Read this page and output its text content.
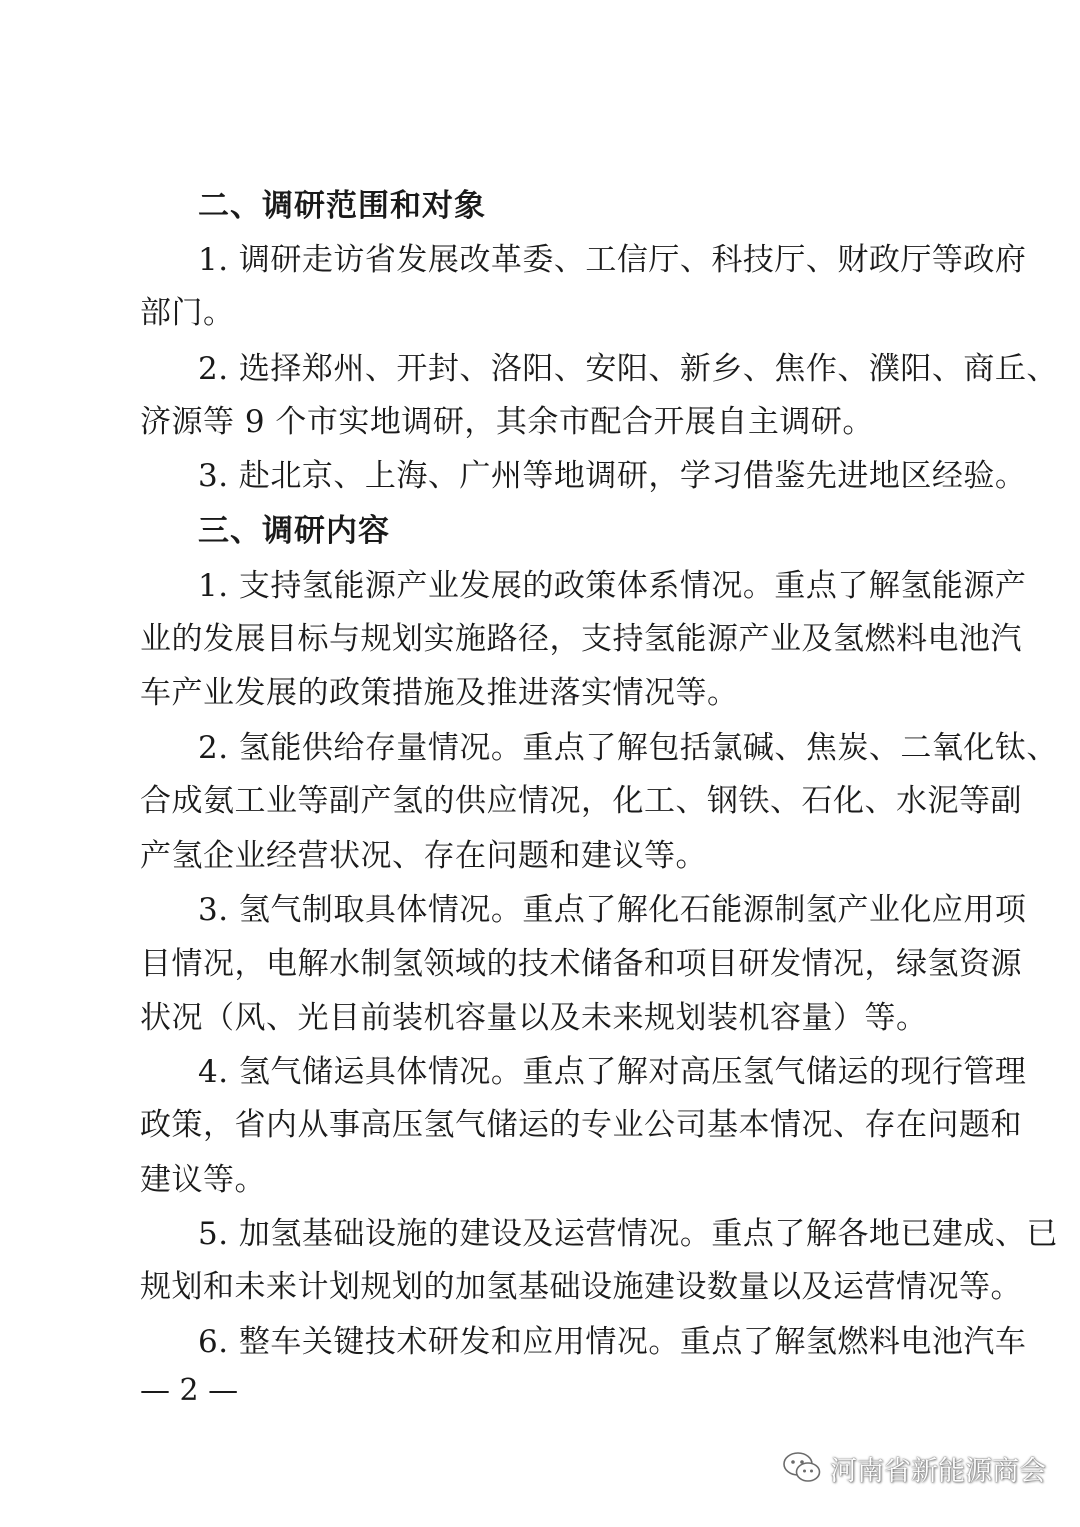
二、调研范围和对象
1. 调研走访省发展改革委、工信厅、科技厅、财政厅等政府
部门。
2. 选择郑州、开封、洛阳、安阳、新乡、焦作、濮阳、商丘、
济源等 9 个市实地调研，其余市配合开展自主调研。
3. 赴北京、上海、广州等地调研，学习借鉴先进地区经验。
三、调研内容
1. 支持氢能源产业发展的政策体系情况。重点了解氢能源产
业的发展目标与规划实施路径，支持氢能源产业及氢燃料电池汽
车产业发展的政策措施及推进落实情况等。
2. 氢能供给存量情况。重点了解包括氯碱、焦炭、二氧化钛、
合成氨工业等副产氢的供应情况，化工、钢铁、石化、水泥等副
产氢企业经营状况、存在问题和建议等。
3. 氢气制取具体情况。重点了解化石能源制氢产业化应用项
目情况，电解水制氢领域的技术储备和项目研发情况，绿氢资源
状况（风、光目前装机容量以及未来规划装机容量）等。
4. 氢气储运具体情况。重点了解对高压氢气储运的现行管理
政策，省内从事高压氢气储运的专业公司基本情况、存在问题和
建议等。
5. 加氢基础设施的建设及运营情况。重点了解各地已建成、已
规划和未来计划规划的加氢基础设施建设数量以及运营情况等。
6. 整车关键技术研发和应用情况。重点了解氢燃料电池汽车
— 2 —
河南省新能源商会
